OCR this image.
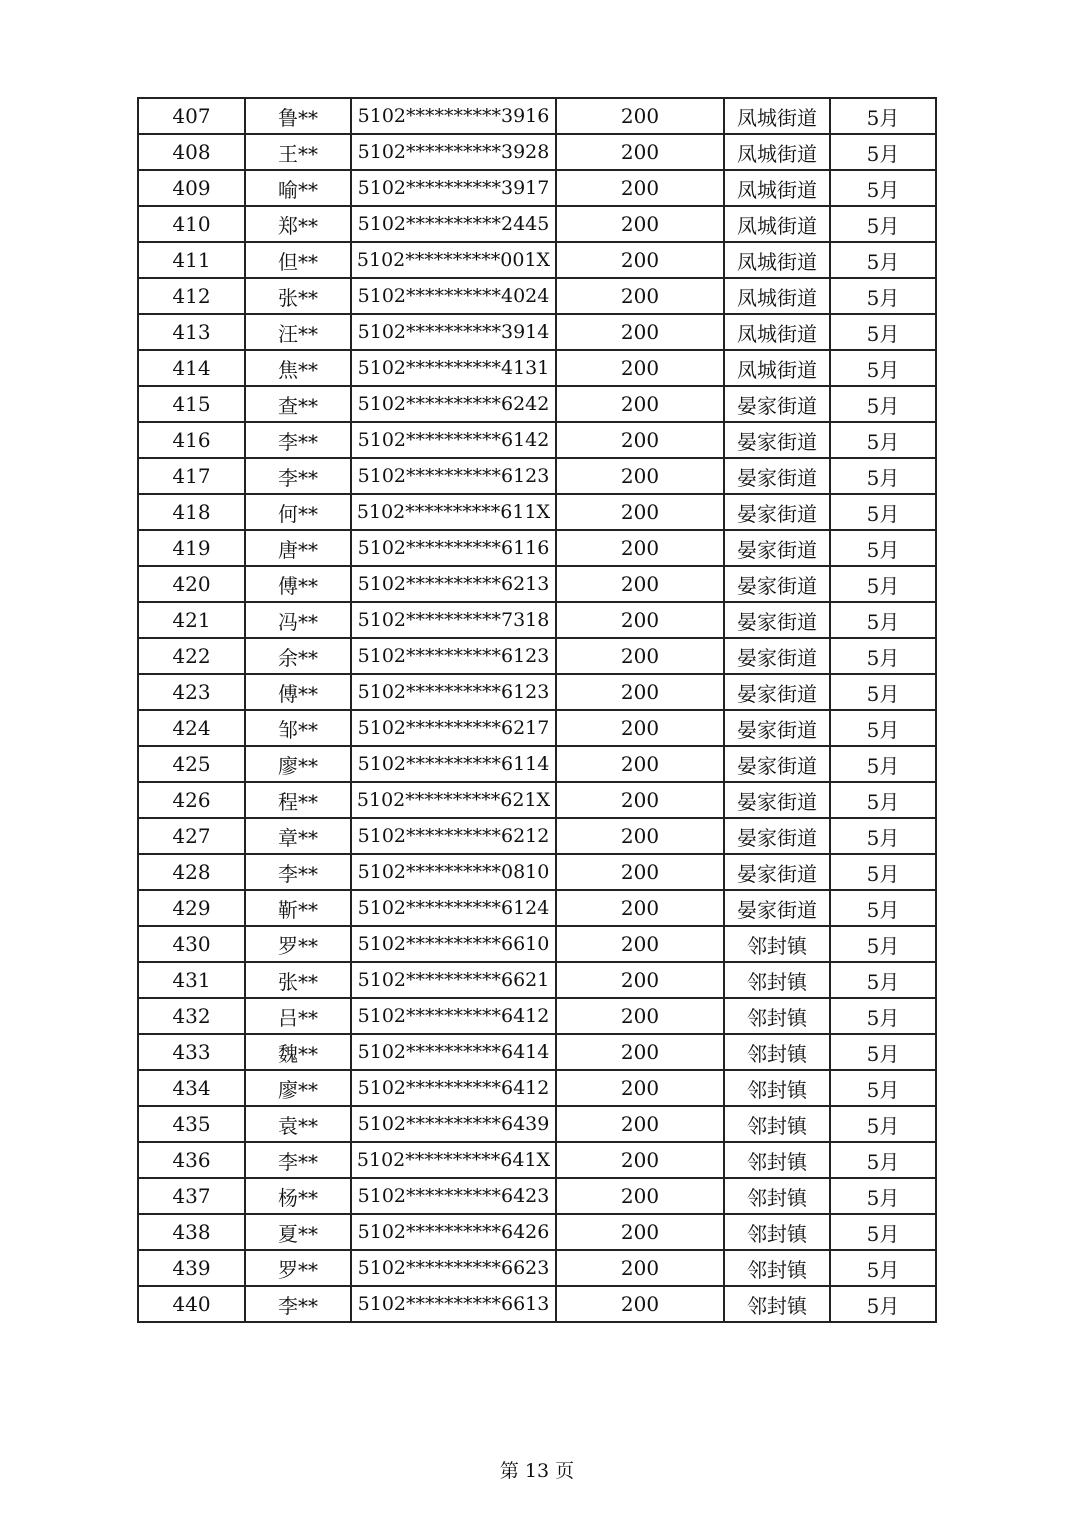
407	鲁**	5102**********3916	200	凤城街道	5月
408	王**	5102**********3928	200	凤城街道	5月
409	喻**	5102**********3917	200	凤城街道	5月
410	郑**	5102**********2445	200	凤城街道	5月
411	但**	5102**********001X	200	凤城街道	5月
412	张**	5102**********4024	200	凤城街道	5月
413	汪**	5102**********3914	200	凤城街道	5月
414	焦**	5102**********4131	200	凤城街道	5月
415	查**	5102**********6242	200	晏家街道	5月
416	李**	5102**********6142	200	晏家街道	5月
417	李**	5102**********6123	200	晏家街道	5月
418	何**	5102**********611X	200	晏家街道	5月
419	唐**	5102**********6116	200	晏家街道	5月
420	傅**	5102**********6213	200	晏家街道	5月
421	冯**	5102**********7318	200	晏家街道	5月
422	余**	5102**********6123	200	晏家街道	5月
423	傅**	5102**********6123	200	晏家街道	5月
424	邹**	5102**********6217	200	晏家街道	5月
425	廖**	5102**********6114	200	晏家街道	5月
426	程**	5102**********621X	200	晏家街道	5月
427	章**	5102**********6212	200	晏家街道	5月
428	李**	5102**********0810	200	晏家街道	5月
429	靳**	5102**********6124	200	晏家街道	5月
430	罗**	5102**********6610	200	邻封镇	5月
431	张**	5102**********6621	200	邻封镇	5月
432	吕**	5102**********6412	200	邻封镇	5月
433	魏**	5102**********6414	200	邻封镇	5月
434	廖**	5102**********6412	200	邻封镇	5月
435	袁**	5102**********6439	200	邻封镇	5月
436	李**	5102**********641X	200	邻封镇	5月
437	杨**	5102**********6423	200	邻封镇	5月
438	夏**	5102**********6426	200	邻封镇	5月
439	罗**	5102**********6623	200	邻封镇	5月
440	李**	5102**********6613	200	邻封镇	5月
第 13 页
